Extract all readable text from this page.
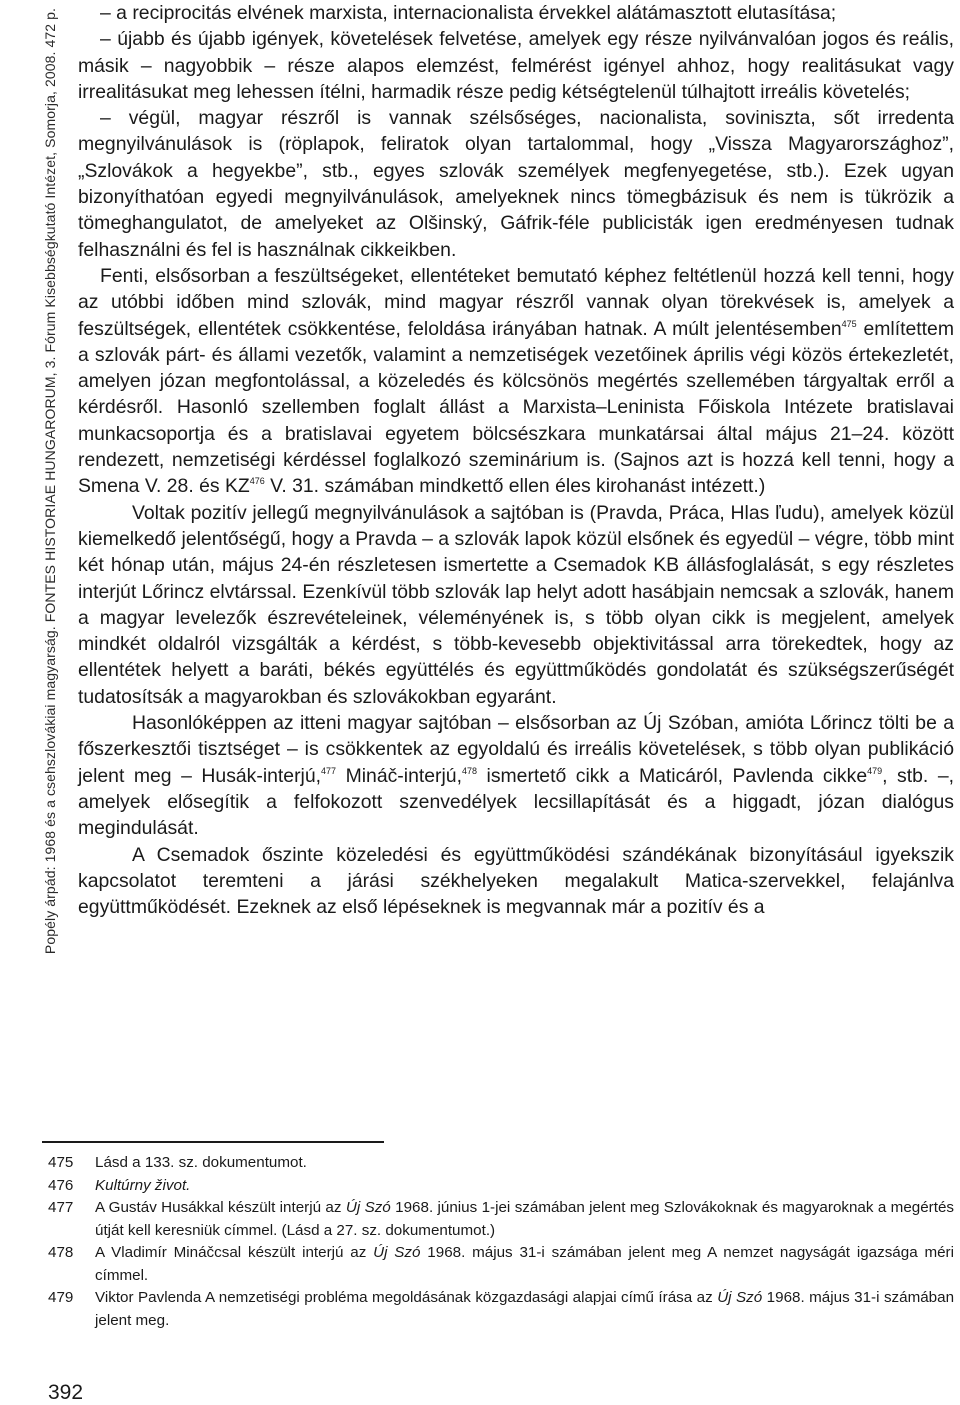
Popély árpád: 1968 és a csehszlovákiai magyarság. FONTES HISTORIAE HUNGARORUM, 3. Fórum Kisebbségkutató Intézet, Somorja, 2008. 472 p.	– a reciprocitás elvének marxista, internacionalista érvekkel alátámasztott elutasítása;

– újabb és újabb igények, követelések felvetése, amelyek egy része nyilvánvalóan jogos és reális, másik – nagyobbik – része alapos elemzést, felmérést igényel ahhoz, hogy realitásukat vagy irrealitásukat meg lehessen ítélni, harmadik része pedig kétségtelenül túlhajtott irreális követelés;

– végül, magyar részről is vannak szélsőséges, nacionalista, soviniszta, sőt irredenta megnyilvánulások is (röplapok, feliratok olyan tartalommal, hogy „Vissza Magyarországhoz”, „Szlovákok a hegyekbe”, stb., egyes szlovák személyek megfenyegetése, stb.). Ezek ugyan bizonyíthatóan egyedi megnyilvánulások, amelyeknek nincs tömegbázisuk és nem is tükrözik a tömeghangulatot, de amelyeket az Olšinský, Gáfrik-féle publicisták igen eredményesen tudnak felhasználni és fel is használnak cikkeikben.

Fenti, elsősorban a feszültségeket, ellentéteket bemutató képhez feltétlenül hozzá kell tenni, hogy az utóbbi időben mind szlovák, mind magyar részről vannak olyan törekvések is, amelyek a feszültségek, ellentétek csökkentése, feloldása irányában hatnak. A múlt jelentésemben$^{475}$ említettem a szlovák párt- és állami vezetők, valamint a nemzetiségek vezetőinek április végi közös értekezletét, amelyen józan megfontolással, a közeledés és kölcsönös megértés szellemében tárgyaltak erről a kérdésről. Hasonló szellemben foglalt állást a Marxista–Leninista Főiskola Intézete bratislavai munkacsoportja és a bratislavai egyetem bölcsészkara munkatársai által május 21–24. között rendezett, nemzetiségi kérdéssel foglalkozó szeminárium is. (Sajnos azt is hozzá kell tenni, hogy a Smena V. 28. és KZ$^{476}$ V. 31. számában mindkettő ellen éles kirohanást intézett.)

Voltak pozitív jellegű megnyilvánulások a sajtóban is (Pravda, Práca, Hlas ľudu), amelyek közül kiemelkedő jelentőségű, hogy a Pravda – a szlovák lapok közül elsőnek és egyedül – végre, több mint két hónap után, május 24-én részletesen ismertette a Csemadok KB állásfoglalását, s egy részletes interjút Lőrincz elvtárssal. Ezenkívül több szlovák lap helyt adott hasábjain nemcsak a szlovák, hanem a magyar levelezők észrevételeinek, véleményének is, s több olyan cikk is megjelent, amelyek mindkét oldalról vizsgálták a kérdést, s több-kevesebb objektivitással arra törekedtek, hogy az ellentétek helyett a baráti, békés együttélés és együttműködés gondolatát és szükségszerűségét tudatosítsák a magyarokban és szlovákokban egyaránt.

Hasonlóképpen az itteni magyar sajtóban – elsősorban az Új Szóban, amióta Lőrincz tölti be a főszerkesztői tisztséget – is csökkentek az egyoldalú és irreális követelések, s több olyan publikáció jelent meg – Husák-interjú,$^{477}$ Mináč-interjú,$^{478}$ ismertető cikk a Maticáról, Pavlenda cikke$^{479}$, stb. –, amelyek elősegítik a felfokozott szenvedélyek lecsillapítását és a higgadt, józan dialógus megindulását.

A Csemadok őszinte közeledési és együttműködési szándékának bizonyításául igyekszik kapcsolatot teremteni a járási székhelyeken megalakult Matica-szervekkel, felajánlva együttműködését. Ezeknek az első lépéseknek is megvannak már a pozitív és a

475	Lásd a 133. sz. dokumentumot.
476	Kultúrny život.
477	A Gustáv Husákkal készült interjú az Új Szó 1968. június 1-jei számában jelent meg Szlovákoknak és magyaroknak a megértés útját kell keresniük címmel. (Lásd a 27. sz. dokumentumot.)
478	A Vladimír Mináčcsal készült interjú az Új Szó 1968. május 31-i számában jelent meg A nemzet nagyságát igazsága méri címmel.
479	Viktor Pavlenda A nemzetiségi probléma megoldásának közgazdasági alapjai című írása az Új Szó 1968. május 31-i számában jelent meg.
392
